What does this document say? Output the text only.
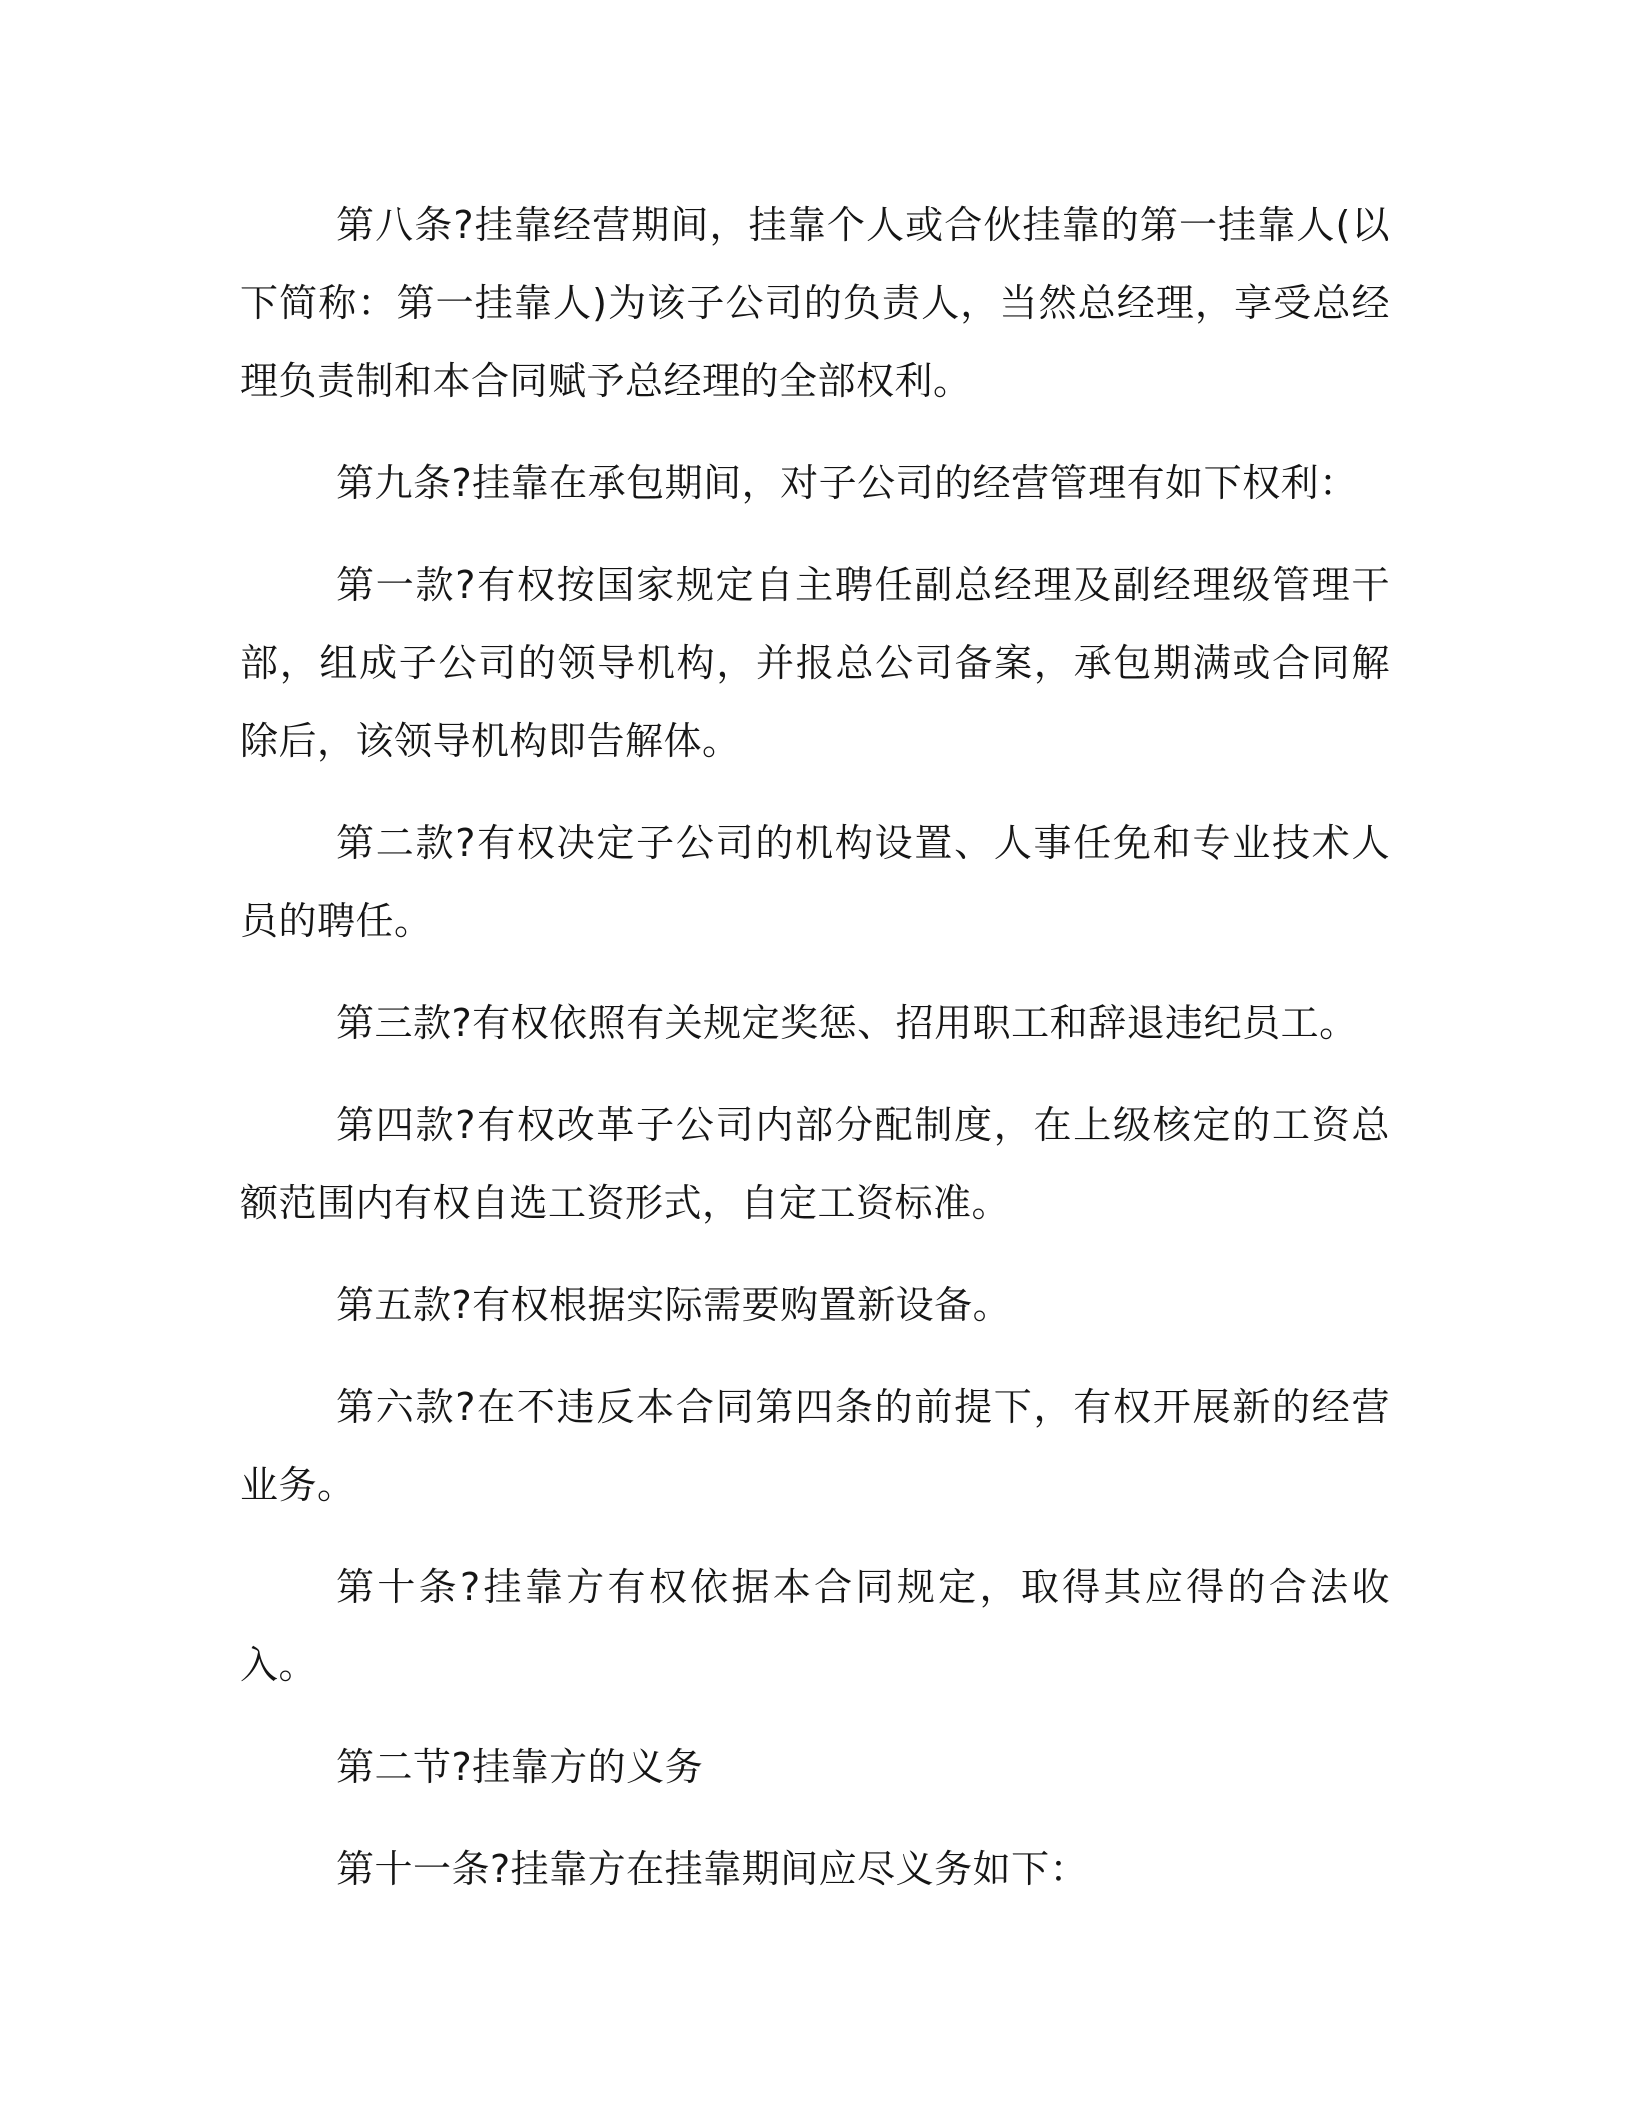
第八条?挂靠经营期间，挂靠个人或合伙挂靠的第一挂靠人(以下简称：第一挂靠人)为该子公司的负责人，当然总经理，享受总经理负责制和本合同赋予总经理的全部权利。

第九条?挂靠在承包期间，对子公司的经营管理有如下权利：

第一款?有权按国家规定自主聘任副总经理及副经理级管理干部，组成子公司的领导机构，并报总公司备案，承包期满或合同解除后，该领导机构即告解体。

第二款?有权决定子公司的机构设置、人事任免和专业技术人员的聘任。

第三款?有权依照有关规定奖惩、招用职工和辞退违纪员工。

第四款?有权改革子公司内部分配制度，在上级核定的工资总额范围内有权自选工资形式，自定工资标准。

第五款?有权根据实际需要购置新设备。

第六款?在不违反本合同第四条的前提下，有权开展新的经营业务。

第十条?挂靠方有权依据本合同规定，取得其应得的合法收入。

第二节?挂靠方的义务

第十一条?挂靠方在挂靠期间应尽义务如下：
